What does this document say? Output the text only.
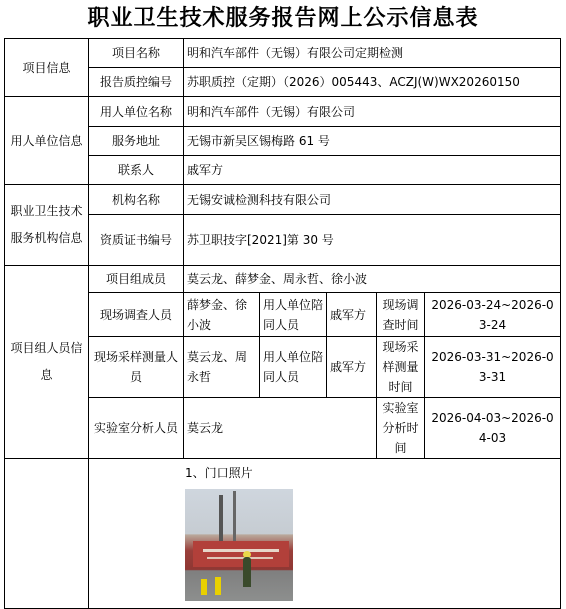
职业卫生技术服务报告网上公示信息表
项目信息	项目名称	明和汽车部件（无锡）有限公司定期检测				
	报告质控编号	苏职质控（定期）（2026）005443、ACZJ(W)WX20260150				
用人单位信息	用人单位名称	明和汽车部件（无锡）有限公司				
	服务地址	无锡市新吴区锡梅路 61 号				
	联系人	戚军方				
职业卫生技术服务机构信息	机构名称	无锡安诚检测科技有限公司				
	资质证书编号	苏卫职技字[2021]第 30 号				
项目组人员信息	项目组成员	莫云龙、薛梦金、周永哲、徐小波				
	现场调查人员	薛梦金、徐小波	用人单位陪同人员	戚军方	现场调查时间	2026-03-24~2026-03-24
	现场采样测量人员	莫云龙、周永哲	用人单位陪同人员	戚军方	现场采样测量时间	2026-03-31~2026-03-31
	实验室分析人员	莫云龙			实验室分析时间	2026-04-03~2026-04-03

	1、门口照片					
